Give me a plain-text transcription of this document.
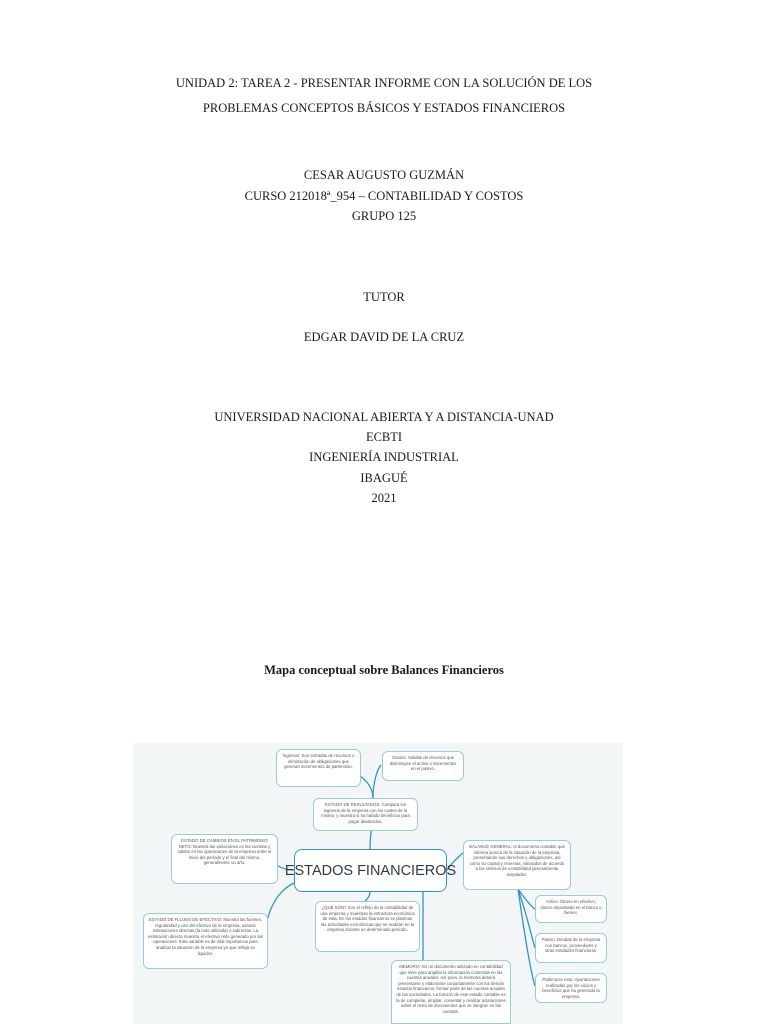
UNIDAD 2: TAREA 2 - PRESENTAR INFORME CON LA SOLUCIÓN DE LOS
PROBLEMAS CONCEPTOS BÁSICOS Y ESTADOS FINANCIEROS
CESAR AUGUSTO GUZMÁN
CURSO 212018ª_954 – CONTABILIDAD Y COSTOS
GRUPO 125
TUTOR
EDGAR DAVID DE LA CRUZ
UNIVERSIDAD NACIONAL ABIERTA Y A DISTANCIA-UNAD
ECBTI
INGENIERÍA INDUSTRIAL
IBAGUÉ
2021
Mapa conceptual sobre Balances Financieros
ESTADOS FINANCIEROS
Ingresos: Son entradas de recursos o eliminación de obligaciones que generan incrementos de patrimonio.
Gastos: Salidas de recursos que disminuyen el activo o incrementos en el pasivo.
ESTADO DE RESULTADOS: Compara los ingresos de la empresa con los costes de la misma, y muestra si ha habido beneficios para pagar dividendos.
ESTADO DE CAMBIOS EN EL PATRIMONIO NETO: Muestra las variaciones en las cuentas y saldos en las operaciones de la empresa entre el inicio del período y el final del mismo, generalmente un año.
BALANCE GENERAL: el documento contable que informa acerca de la situación de la empresa, presentando sus derechos y obligaciones, así como su capital y reservas, valorados de acuerdo a los criterios de contabilidad generalmente aceptados.
ESTADO DE FLUJOS DE EFECTIVO: Muestra las fuentes, regularidad y uso del efectivo de la empresa, usando estimaciones directas (la más utilizada) o indirectas. La estimación directa muestra el efectivo neto generado por las operaciones. Esta variable es de vital importancia para analizar la situación de la empresa ya que refleja su liquidez.
¿QUÉ SON? Son el reflejo de la contabilidad de una empresa y muestran la estructura económica de ésta. En los estados financieros se plasman las actividades económicas que se realizan en la empresa durante un determinado período.
Activo: Dinero en efectivo, dinero depositado en el banco o bienes.
Pasivo: Deudas de la empresa con bancos, proveedores y otras entidades financieras.
Patrimonio neto: Aportaciones realizadas por los socios y beneficios que ha generado la empresa.
MEMORIA: Es un documento utilizado en contabilidad que sirve para ampliar la información contenida en las cuentas anuales. Así pues, la memoria deberá presentarse y elaborarse conjuntamente con los demás estados financieros, formar parte de las cuentas anuales de las sociedades. La función de este estado contable es la de completar, ampliar, comentar y realizar aclaraciones sobre el resto de documentos que se integran en las cuentas.
